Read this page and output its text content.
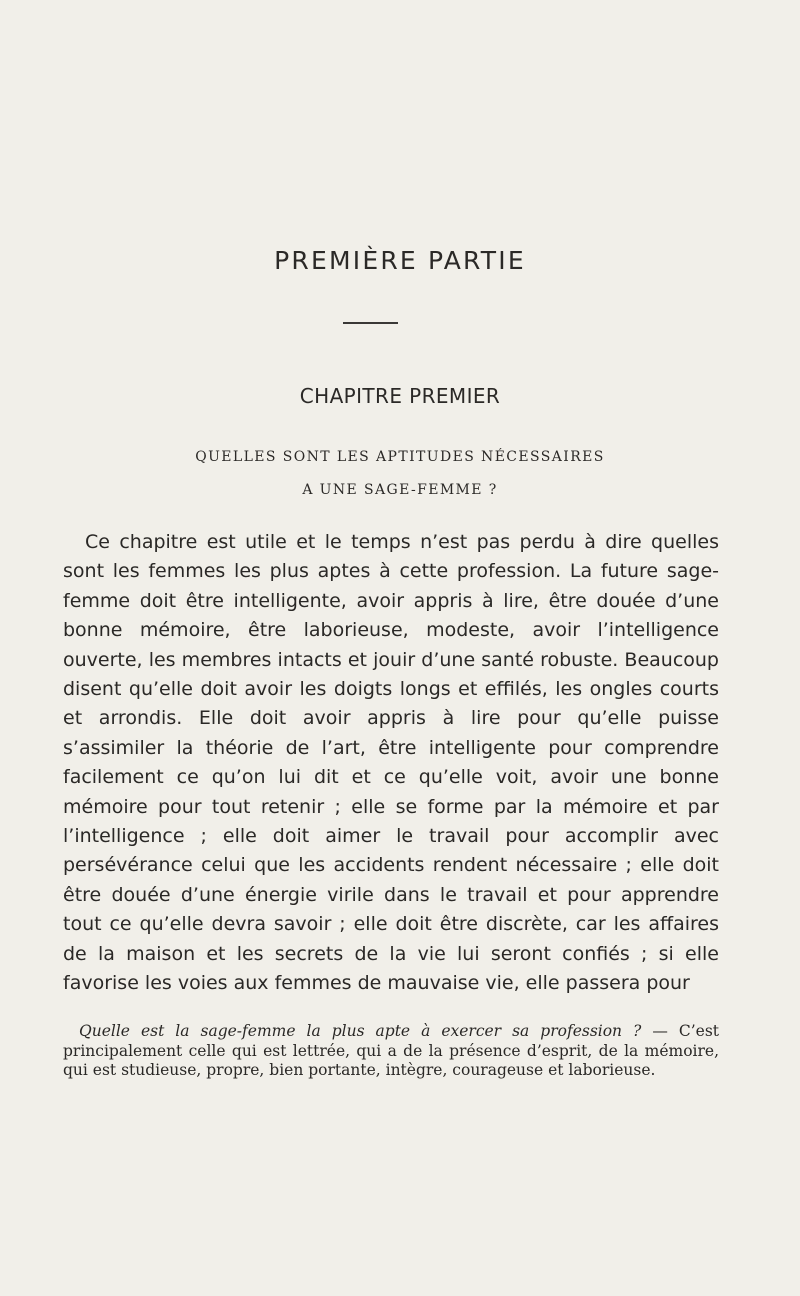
PREMIÈRE PARTIE
CHAPITRE PREMIER
QUELLES SONT LES APTITUDES NÉCESSAIRES
A UNE SAGE-FEMME ?

Ce chapitre est utile et le temps n’est pas perdu à dire quelles sont les femmes les plus aptes à cette profession. La future sage-femme doit être intelligente, avoir appris à lire, être douée d’une bonne mémoire, être laborieuse, modeste, avoir l’intelligence ouverte, les membres intacts et jouir d’une santé robuste. Beaucoup disent qu’elle doit avoir les doigts longs et effilés, les ongles courts et arrondis. Elle doit avoir appris à lire pour qu’elle puisse s’assimiler la théorie de l’art, être intelligente pour comprendre facilement ce qu’on lui dit et ce qu’elle voit, avoir une bonne mémoire pour tout retenir ; elle se forme par la mémoire et par l’intelligence ; elle doit aimer le travail pour accomplir avec persévérance celui que les accidents rendent nécessaire ; elle doit être douée d’une énergie virile dans le travail et pour apprendre tout ce qu’elle devra savoir ; elle doit être discrète, car les affaires de la maison et les secrets de la vie lui seront confiés ; si elle favorise les voies aux femmes de mauvaise vie, elle passera pour

Quelle est la sage-femme la plus apte à exercer sa profession ? — C’est principalement celle qui est lettrée, qui a de la présence d’esprit, de la mémoire, qui est studieuse, propre, bien portante, intègre, courageuse et laborieuse.
